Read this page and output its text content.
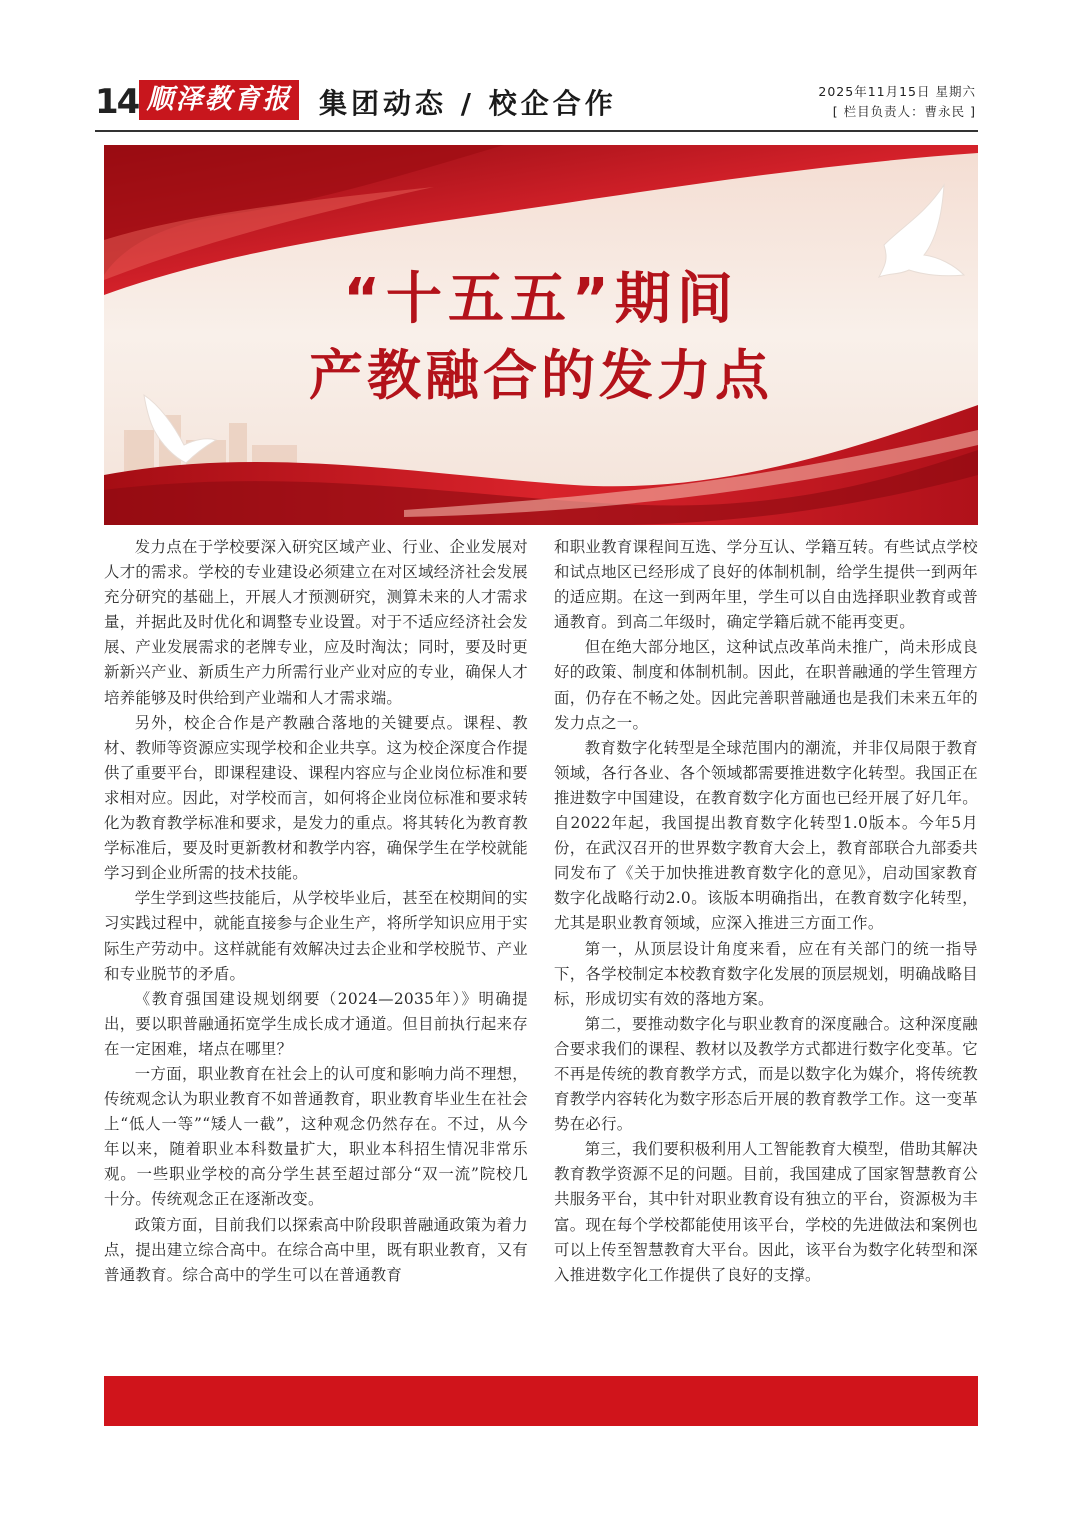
14 顺泽教育报 集团动态 / 校企合作	2025年11月15日 星期六
[ 栏目负责人：曹永民 ]
“十五五”期间
产教融合的发力点

发力点在于学校要深入研究区域产业、行业、企业发展对人才的需求。学校的专业建设必须建立在对区域经济社会发展充分研究的基础上，开展人才预测研究，测算未来的人才需求量，并据此及时优化和调整专业设置。对于不适应经济社会发展、产业发展需求的老牌专业，应及时淘汰；同时，要及时更新新兴产业、新质生产力所需行业产业对应的专业，确保人才培养能够及时供给到产业端和人才需求端。

另外，校企合作是产教融合落地的关键要点。课程、教材、教师等资源应实现学校和企业共享。这为校企深度合作提供了重要平台，即课程建设、课程内容应与企业岗位标准和要求相对应。因此，对学校而言，如何将企业岗位标准和要求转化为教育教学标准和要求，是发力的重点。将其转化为教育教学标准后，要及时更新教材和教学内容，确保学生在学校就能学习到企业所需的技术技能。

学生学到这些技能后，从学校毕业后，甚至在校期间的实习实践过程中，就能直接参与企业生产，将所学知识应用于实际生产劳动中。这样就能有效解决过去企业和学校脱节、产业和专业脱节的矛盾。

《教育强国建设规划纲要（2024—2035年）》明确提出，要以职普融通拓宽学生成长成才通道。但目前执行起来存在一定困难，堵点在哪里？

一方面，职业教育在社会上的认可度和影响力尚不理想，传统观念认为职业教育不如普通教育，职业教育毕业生在社会上“低人一等”“矮人一截”，这种观念仍然存在。不过，从今年以来，随着职业本科数量扩大，职业本科招生情况非常乐观。一些职业学校的高分学生甚至超过部分“双一流”院校几十分。传统观念正在逐渐改变。

政策方面，目前我们以探索高中阶段职普融通政策为着力点，提出建立综合高中。在综合高中里，既有职业教育，又有普通教育。综合高中的学生可以在普通教育

和职业教育课程间互选、学分互认、学籍互转。有些试点学校和试点地区已经形成了良好的体制机制，给学生提供一到两年的适应期。在这一到两年里，学生可以自由选择职业教育或普通教育。到高二年级时，确定学籍后就不能再变更。

但在绝大部分地区，这种试点改革尚未推广，尚未形成良好的政策、制度和体制机制。因此，在职普融通的学生管理方面，仍存在不畅之处。因此完善职普融通也是我们未来五年的发力点之一。

教育数字化转型是全球范围内的潮流，并非仅局限于教育领域，各行各业、各个领域都需要推进数字化转型。我国正在推进数字中国建设，在教育数字化方面也已经开展了好几年。自2022年起，我国提出教育数字化转型1.0版本。今年5月份，在武汉召开的世界数字教育大会上，教育部联合九部委共同发布了《关于加快推进教育数字化的意见》，启动国家教育数字化战略行动2.0。该版本明确指出，在教育数字化转型，尤其是职业教育领域，应深入推进三方面工作。

第一，从顶层设计角度来看，应在有关部门的统一指导下，各学校制定本校教育数字化发展的顶层规划，明确战略目标，形成切实有效的落地方案。

第二，要推动数字化与职业教育的深度融合。这种深度融合要求我们的课程、教材以及教学方式都进行数字化变革。它不再是传统的教育教学方式，而是以数字化为媒介，将传统教育教学内容转化为数字形态后开展的教育教学工作。这一变革势在必行。

第三，我们要积极利用人工智能教育大模型，借助其解决教育教学资源不足的问题。目前，我国建成了国家智慧教育公共服务平台，其中针对职业教育设有独立的平台，资源极为丰富。现在每个学校都能使用该平台，学校的先进做法和案例也可以上传至智慧教育大平台。因此，该平台为数字化转型和深入推进数字化工作提供了良好的支撑。
